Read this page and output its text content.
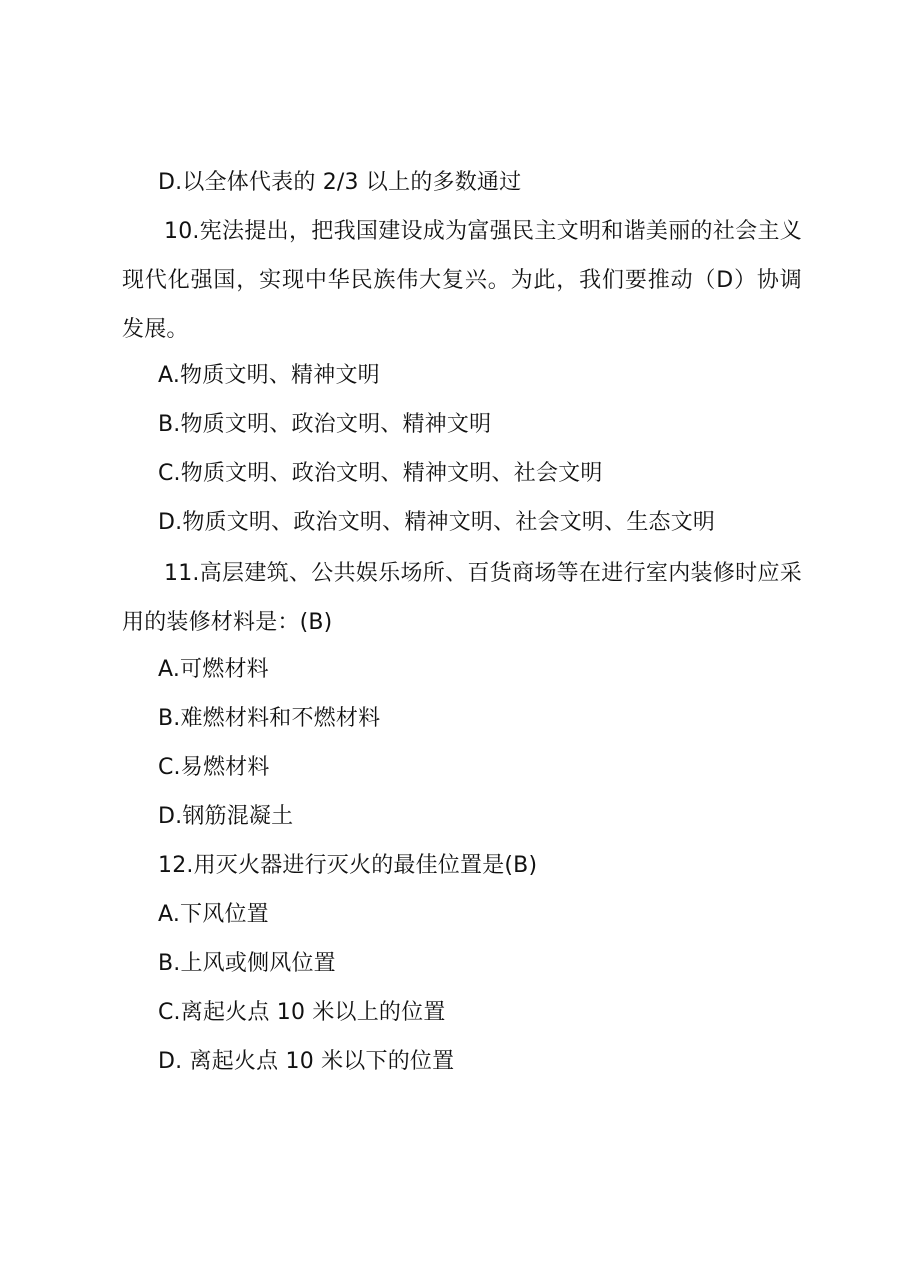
D.以全体代表的 2/3 以上的多数通过
10.宪法提出，把我国建设成为富强民主文明和谐美丽的社会主义现代化强国，实现中华民族伟大复兴。为此，我们要推动（D）协调发展。
A.物质文明、精神文明
B.物质文明、政治文明、精神文明
C.物质文明、政治文明、精神文明、社会文明
D.物质文明、政治文明、精神文明、社会文明、生态文明
11.高层建筑、公共娱乐场所、百货商场等在进行室内装修时应采用的装修材料是：(B)
A.可燃材料
B.难燃材料和不燃材料
C.易燃材料
D.钢筋混凝土
12.用灭火器进行灭火的最佳位置是(B)
A.下风位置
B.上风或侧风位置
C.离起火点 10 米以上的位置
D. 离起火点 10 米以下的位置
